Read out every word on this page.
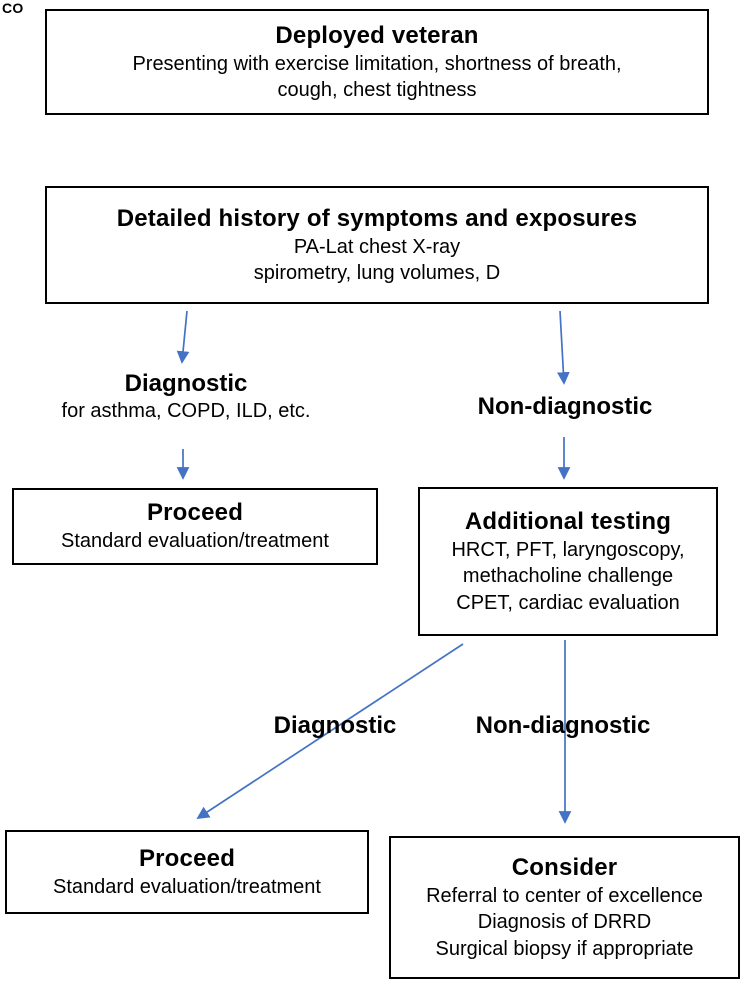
CO
Deployed veteran
Presenting with exercise limitation, shortness of breath,
cough, chest tightness
Detailed history of symptoms and exposures
PA-Lat chest X-ray
spirometry, lung volumes, D
Diagnostic
for asthma, COPD, ILD, etc.	Non-diagnostic
Proceed
Standard evaluation/treatment
Additional testing
HRCT, PFT, laryngoscopy,
methacholine challenge
CPET, cardiac evaluation
Diagnostic	Non-diagnostic
Proceed
Standard evaluation/treatment
Consider
Referral to center of excellence
Diagnosis of DRRD
Surgical biopsy if appropriate
